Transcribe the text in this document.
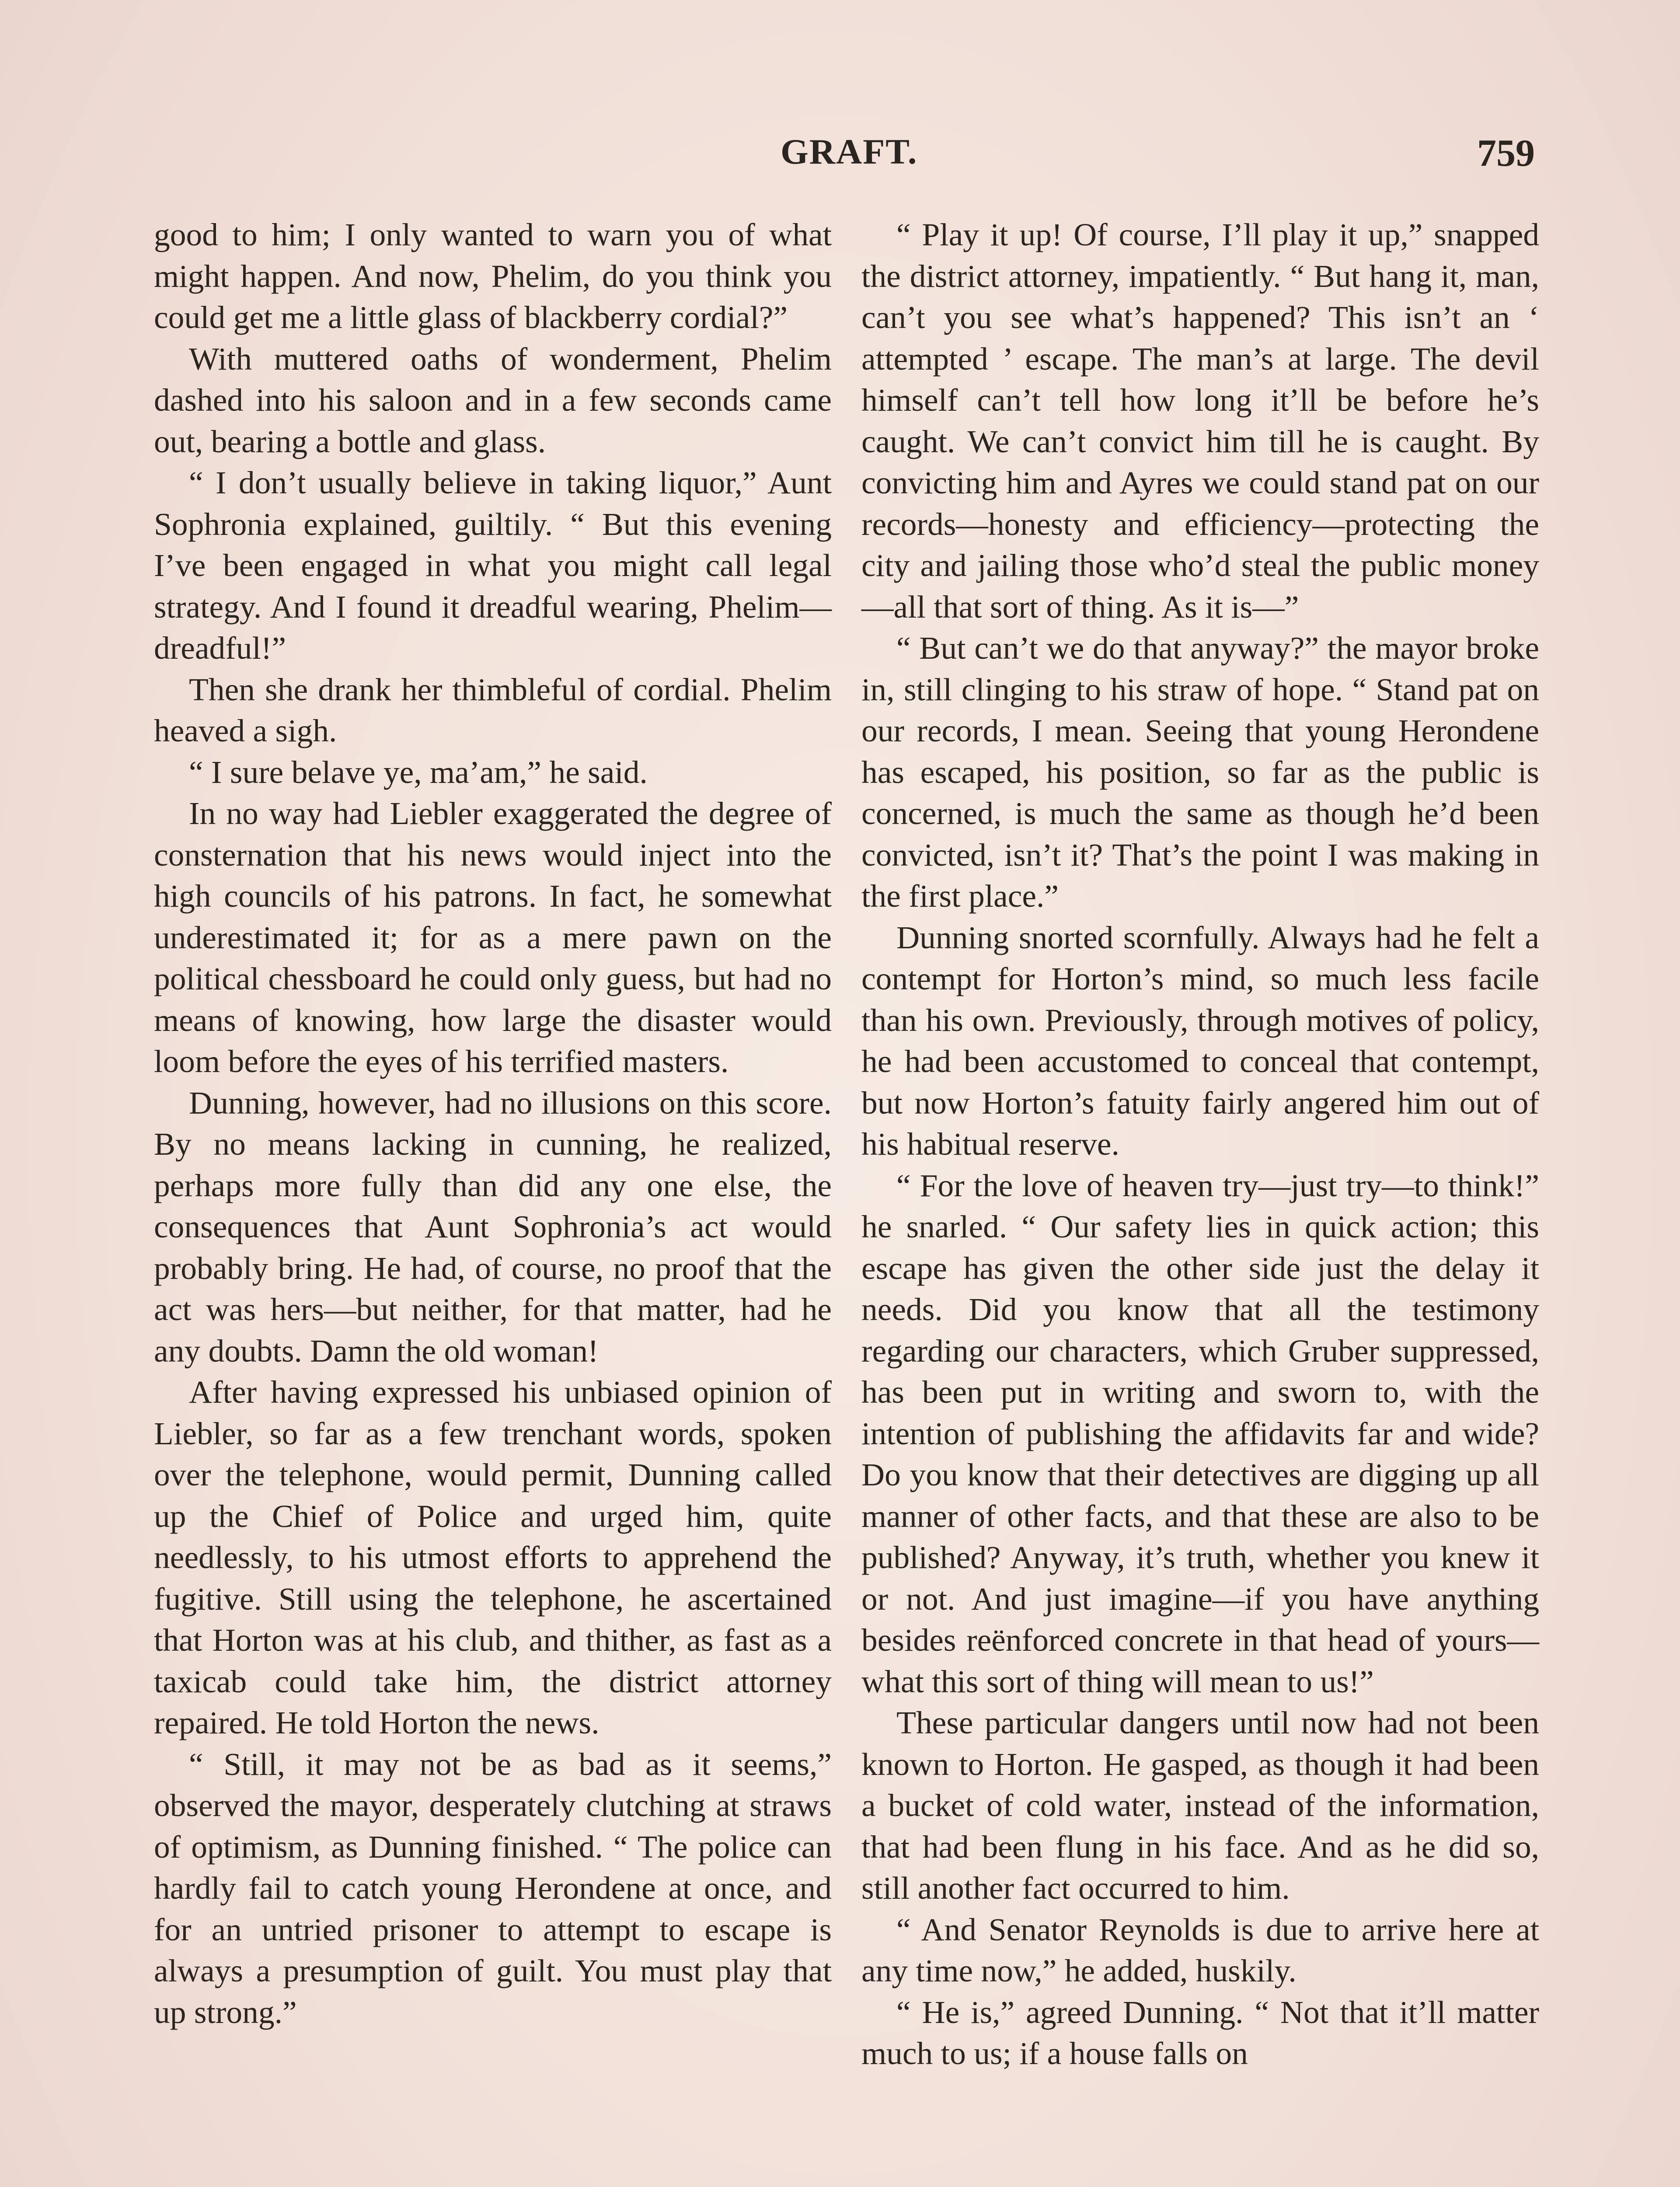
GRAFT.	759

good to him; I only wanted to warn you of what might happen. And now, Phelim, do you think you could get me a little glass of blackberry cordial?”

With muttered oaths of wonderment, Phelim dashed into his saloon and in a few seconds came out, bearing a bottle and glass.

“ I don’t usually believe in taking liquor,” Aunt Sophronia explained, guiltily. “ But this evening I’ve been engaged in what you might call legal strategy. And I found it dreadful wearing, Phelim—dreadful!”

Then she drank her thimbleful of cordial. Phelim heaved a sigh.

“ I sure belave ye, ma’am,” he said.

In no way had Liebler exaggerated the degree of consternation that his news would inject into the high councils of his patrons. In fact, he somewhat underestimated it; for as a mere pawn on the political chessboard he could only guess, but had no means of knowing, how large the disaster would loom before the eyes of his terrified masters.

Dunning, however, had no illusions on this score. By no means lacking in cunning, he realized, perhaps more fully than did any one else, the consequences that Aunt Sophronia’s act would probably bring. He had, of course, no proof that the act was hers—but neither, for that matter, had he any doubts. Damn the old woman!

After having expressed his unbiased opinion of Liebler, so far as a few trenchant words, spoken over the telephone, would permit, Dunning called up the Chief of Police and urged him, quite needlessly, to his utmost efforts to apprehend the fugitive. Still using the telephone, he ascertained that Horton was at his club, and thither, as fast as a taxicab could take him, the district attorney repaired. He told Horton the news.

“ Still, it may not be as bad as it seems,” observed the mayor, desperately clutching at straws of optimism, as Dunning finished. “ The police can hardly fail to catch young Herondene at once, and for an untried prisoner to attempt to escape is always a presumption of guilt. You must play that up strong.”

“ Play it up! Of course, I’ll play it up,” snapped the district attorney, impatiently. “ But hang it, man, can’t you see what’s happened? This isn’t an ‘ attempted ’ escape. The man’s at large. The devil himself can’t tell how long it’ll be before he’s caught. We can’t convict him till he is caught. By convicting him and Ayres we could stand pat on our records—honesty and efficiency—protecting the city and jailing those who’d steal the public money—all that sort of thing. As it is—”

“ But can’t we do that anyway?” the mayor broke in, still clinging to his straw of hope. “ Stand pat on our records, I mean. Seeing that young Herondene has escaped, his position, so far as the public is concerned, is much the same as though he’d been convicted, isn’t it? That’s the point I was making in the first place.”

Dunning snorted scornfully. Always had he felt a contempt for Horton’s mind, so much less facile than his own. Previously, through motives of policy, he had been accustomed to conceal that contempt, but now Horton’s fatuity fairly angered him out of his habitual reserve.

“ For the love of heaven try—just try—to think!” he snarled. “ Our safety lies in quick action; this escape has given the other side just the delay it needs. Did you know that all the testimony regarding our characters, which Gruber suppressed, has been put in writing and sworn to, with the intention of publishing the affidavits far and wide? Do you know that their detectives are digging up all manner of other facts, and that these are also to be published? Anyway, it’s truth, whether you knew it or not. And just imagine—if you have anything besides reënforced concrete in that head of yours—what this sort of thing will mean to us!”

These particular dangers until now had not been known to Horton. He gasped, as though it had been a bucket of cold water, instead of the information, that had been flung in his face. And as he did so, still another fact occurred to him.

“ And Senator Reynolds is due to arrive here at any time now,” he added, huskily.

“ He is,” agreed Dunning. “ Not that it’ll matter much to us; if a house falls on
